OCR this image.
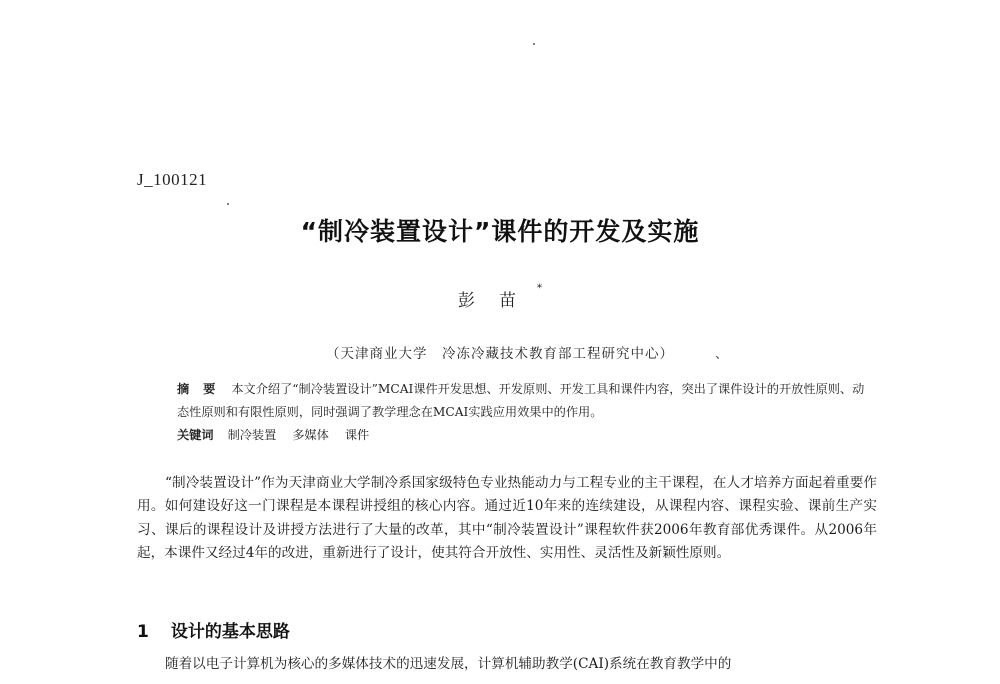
J_100121
“制冷装置设计”课件的开发及实施
彭苗
*
（天津商业大学　冷冻冷藏技术教育部工程研究中心）	、
摘要 本文介绍了“制冷装置设计”MCAI课件开发思想、开发原则、开发工具和课件内容，突出了课件设计的开放性原则、动态性原则和有限性原则，同时强调了教学理念在MCAI实践应用效果中的作用。
关键词 制冷装置 多媒体 课件
“制冷装置设计”作为天津商业大学制冷系国家级特色专业热能动力与工程专业的主干课程，在人才培养方面起着重要作用。如何建设好这一门课程是本课程讲授组的核心内容。通过近10年来的连续建设，从课程内容、课程实验、课前生产实习、课后的课程设计及讲授方法进行了大量的改革，其中“制冷装置设计”课程软件获2006年教育部优秀课件。从2006年起，本课件又经过4年的改进，重新进行了设计，使其符合开放性、实用性、灵活性及新颖性原则。
1 设计的基本思路
随着以电子计算机为核心的多媒体技术的迅速发展，计算机辅助教学(CAI)系统在教育教学中的
